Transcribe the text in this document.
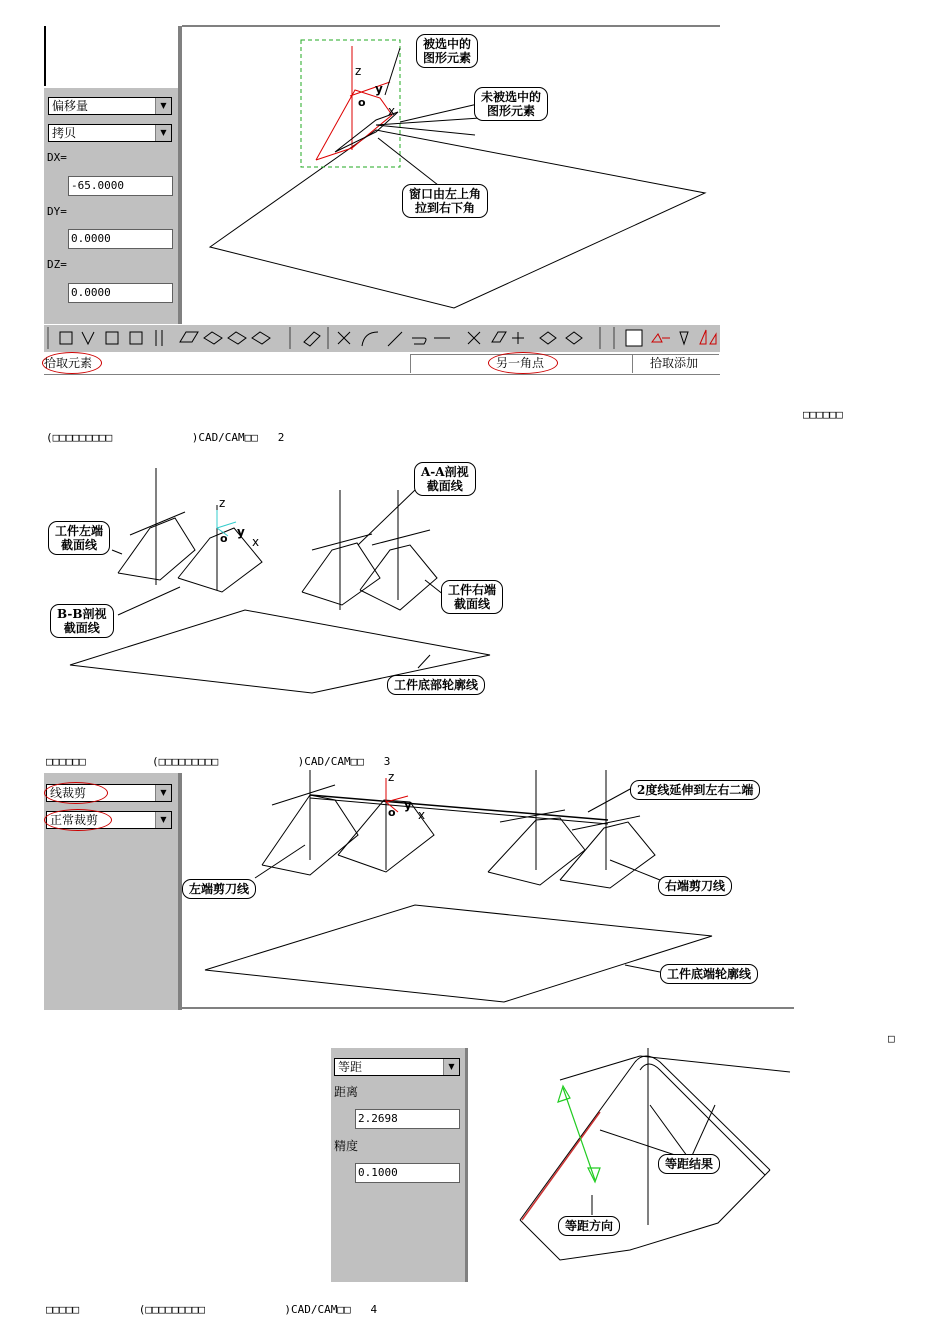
偏移量	▼
拷贝	▼
DX=
-65.0000
DY=
0.0000
DZ=
0.0000
z
y
o
x
被选中的
图形元素
未被选中的
图形元素
窗口由左上角
拉到右下角
拾取元素	另一角点	拾取添加
□□□□□□
(□□□□□□□□□            )CAD/CAM□□   2
z
o y
x
A-A剖视
截面线
工件左端
截面线
B-B剖视
截面线
工件右端
截面线
工件底部轮廓线
□□□□□□          (□□□□□□□□□            )CAD/CAM□□   3
线裁剪	▼
正常裁剪	▼
z
o
y
x
2度线延伸到左右二端
左端剪刀线	右端剪刀线
工件底端轮廓线
□
等距	▼
距离
2.2698
精度
0.1000
等距结果
等距方向
□□□□□         (□□□□□□□□□            )CAD/CAM□□   4
